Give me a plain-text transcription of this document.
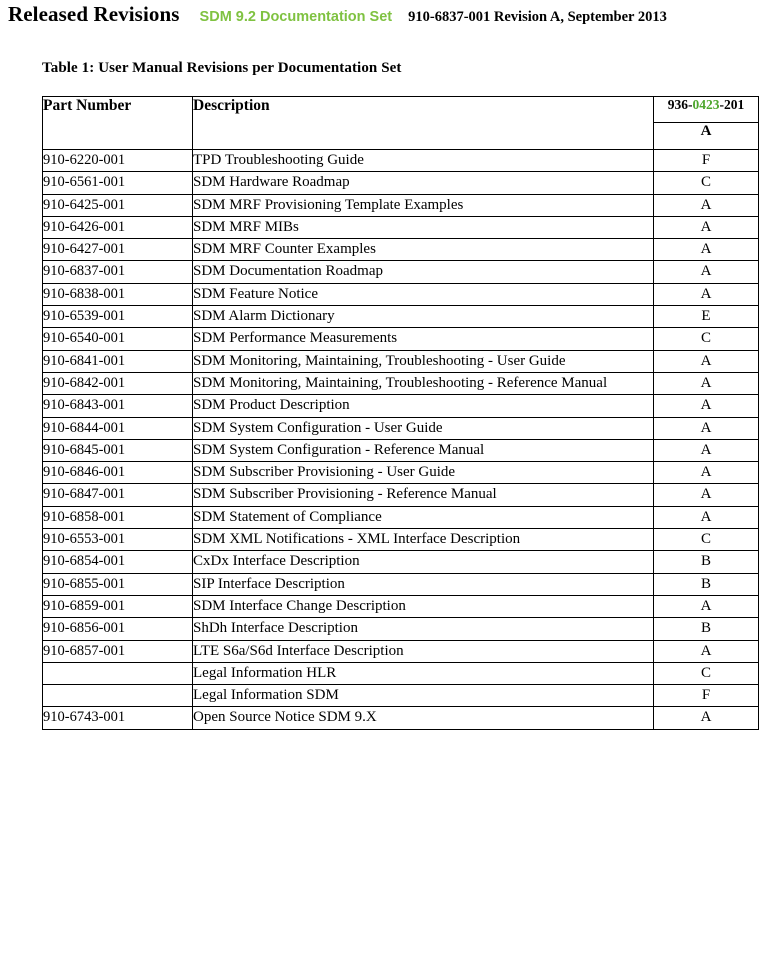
Released Revisions SDM 9.2 Documentation Set 910-6837-001 Revision A, September 2013
Table 1: User Manual Revisions per Documentation Set
Part Number	Description	936-0423-201
		A
910-6220-001	TPD Troubleshooting Guide	F
910-6561-001	SDM Hardware Roadmap	C
910-6425-001	SDM MRF Provisioning Template Examples	A
910-6426-001	SDM MRF MIBs	A
910-6427-001	SDM MRF Counter Examples	A
910-6837-001	SDM Documentation Roadmap	A
910-6838-001	SDM Feature Notice	A
910-6539-001	SDM Alarm Dictionary	E
910-6540-001	SDM Performance Measurements	C
910-6841-001	SDM Monitoring, Maintaining, Troubleshooting - User Guide	A
910-6842-001	SDM Monitoring, Maintaining, Troubleshooting - Reference Manual	A
910-6843-001	SDM Product Description	A
910-6844-001	SDM System Configuration - User Guide	A
910-6845-001	SDM System Configuration - Reference Manual	A
910-6846-001	SDM Subscriber Provisioning - User Guide	A
910-6847-001	SDM Subscriber Provisioning - Reference Manual	A
910-6858-001	SDM Statement of Compliance	A
910-6553-001	SDM XML Notifications - XML Interface Description	C
910-6854-001	CxDx Interface Description	B
910-6855-001	SIP Interface Description	B
910-6859-001	SDM Interface Change Description	A
910-6856-001	ShDh Interface Description	B
910-6857-001	LTE S6a/S6d Interface Description	A
	Legal Information HLR	C
	Legal Information SDM	F
910-6743-001	Open Source Notice SDM 9.X	A
